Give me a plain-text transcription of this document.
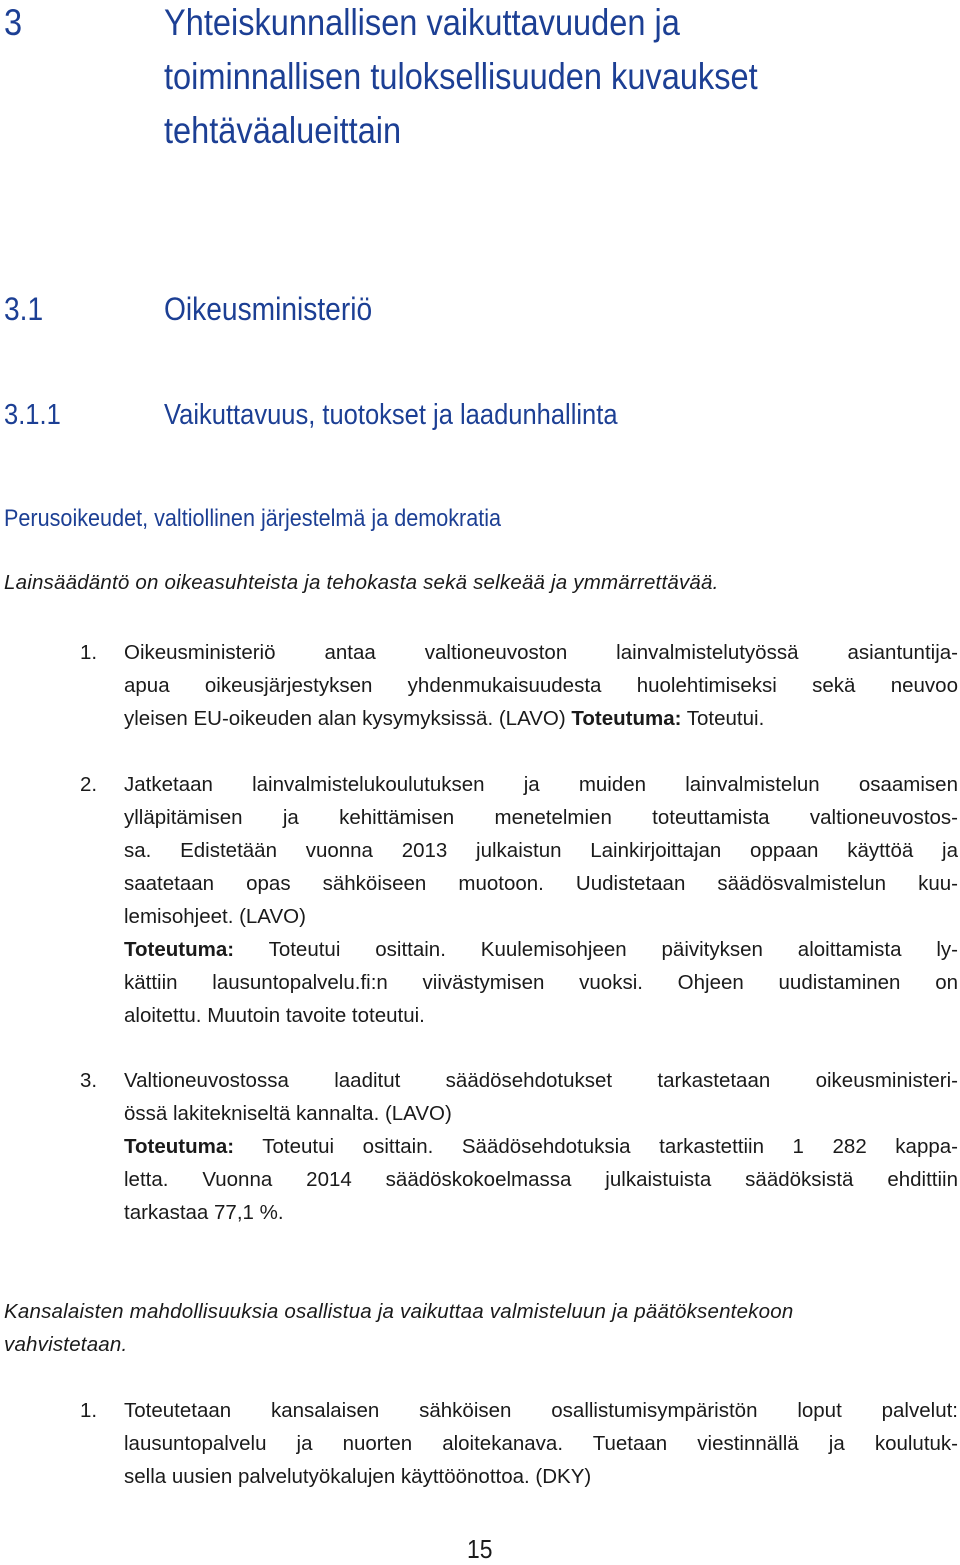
3	Yhteiskunnallisen vaikuttavuuden ja
toiminnallisen tuloksellisuuden kuvaukset
tehtäväalueittain
3.1	Oikeusministeriö
3.1.1	Vaikuttavuus, tuotokset ja laadunhallinta
Perusoikeudet, valtiollinen järjestelmä ja demokratia
Lainsäädäntö on oikeasuhteista ja tehokasta sekä selkeää ja ymmärrettävää.
1. Oikeusministeriö antaa valtioneuvoston lainvalmistelutyössä asiantuntija-
apua oikeusjärjestyksen yhdenmukaisuudesta huolehtimiseksi sekä neuvoo
yleisen EU-oikeuden alan kysymyksissä. (LAVO) Toteutuma: Toteutui.
2. Jatketaan lainvalmistelukoulutuksen ja muiden lainvalmistelun osaamisen
ylläpitämisen ja kehittämisen menetelmien toteuttamista valtioneuvostos-
sa. Edistetään vuonna 2013 julkaistun Lainkirjoittajan oppaan käyttöä ja
saatetaan opas sähköiseen muotoon. Uudistetaan säädösvalmistelun kuu-
lemisohjeet. (LAVO)
Toteutuma: Toteutui osittain. Kuulemisohjeen päivityksen aloittamista ly-
kättiin lausuntopalvelu.fi:n viivästymisen vuoksi. Ohjeen uudistaminen on
aloitettu. Muutoin tavoite toteutui.
3. Valtioneuvostossa laaditut säädösehdotukset tarkastetaan oikeusministeri-
össä lakitekniseltä kannalta. (LAVO)
Toteutuma: Toteutui osittain. Säädösehdotuksia tarkastettiin 1 282 kappa-
letta. Vuonna 2014 säädöskokoelmassa julkaistuista säädöksistä ehdittiin
tarkastaa 77,1 %.
Kansalaisten mahdollisuuksia osallistua ja vaikuttaa valmisteluun ja päätöksentekoon
vahvistetaan.
1. Toteutetaan kansalaisen sähköisen osallistumisympäristön loput palvelut:
lausuntopalvelu ja nuorten aloitekanava. Tuetaan viestinnällä ja koulutuk-
sella uusien palvelutyökalujen käyttöönottoa. (DKY)
15
